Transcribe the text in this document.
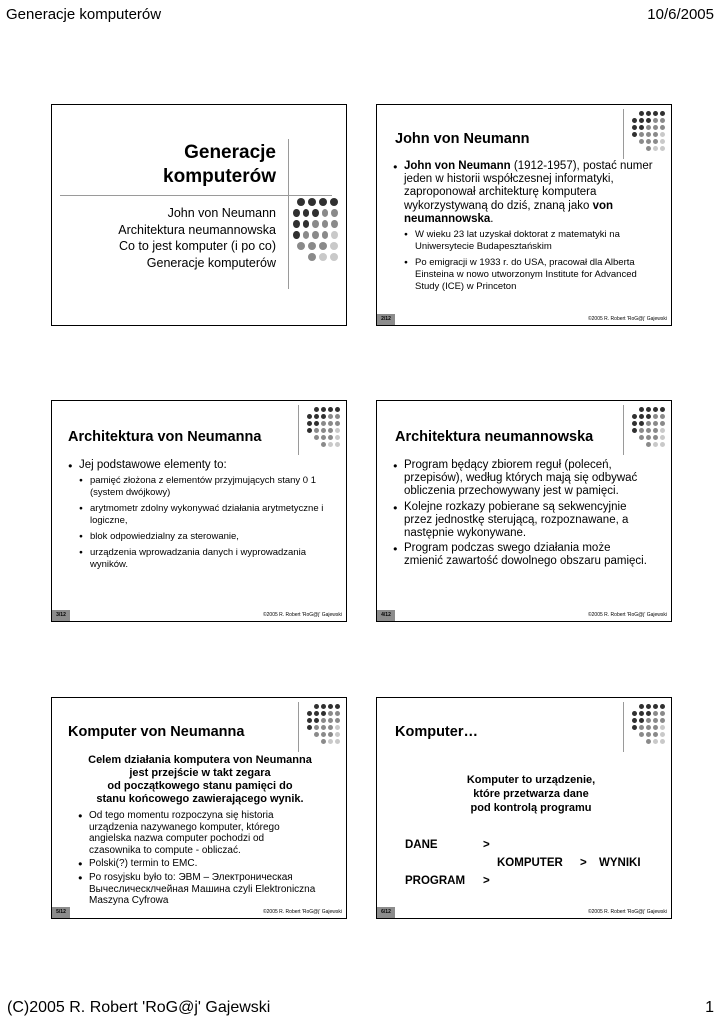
Generacje komputerów	10/6/2005
Generacje
komputerów
John von Neumann
Architektura neumannowska
Co to jest komputer (i po co)
Generacje komputerów
John von Neumann
● John von Neumann (1912-1957), postać numer jeden w historii współczesnej informatyki, zaproponował architekturę komputera wykorzystywaną do dziś, znaną jako von neumannowska.
● W wieku 23 lat uzyskał doktorat z matematyki na Uniwersytecie Budapesztańskim
● Po emigracji w 1933 r. do USA, pracował dla Alberta Einsteina w nowo utworzonym Institute for Advanced Study (ICE) w Princeton
2/12	©2005 R. Robert 'RoG@j' Gajewski
Architektura von Neumanna
● Jej podstawowe elementy to:
● pamięć złożona z elementów przyjmujących stany 0 1 (system dwójkowy)
● arytmometr zdolny wykonywać działania arytmetyczne i logiczne,
● blok odpowiedzialny za sterowanie,
● urządzenia wprowadzania danych i wyprowadzania wyników.
3/12	©2005 R. Robert 'RoG@j' Gajewski
Architektura neumannowska
● Program będący zbiorem reguł (poleceń, przepisów), według których mają się odbywać obliczenia przechowywany jest w pamięci.
● Kolejne rozkazy pobierane są sekwencyjnie przez jednostkę sterującą, rozpoznawane, a następnie wykonywane.
● Program podczas swego działania może zmienić zawartość dowolnego obszaru pamięci.
4/12	©2005 R. Robert 'RoG@j' Gajewski
Komputer von Neumanna
Celem działania komputera von Neumanna
jest przejście w takt zegara
od początkowego stanu pamięci do
stanu końcowego zawierającego wynik.
● Od tego momentu rozpoczyna się historia urządzenia nazywanego komputer, którego angielska nazwa computer pochodzi od czasownika to compute - obliczać.
● Polski(?) termin to EMC.
● Po rosyjsku było to: ЭВМ – Электроническая Вычеслическлчейная Машина czyli Elektroniczna Maszyna Cyfrowa
5/12	©2005 R. Robert 'RoG@j' Gajewski
Komputer…
Komputer to urządzenie,
które przetwarza dane
pod kontrolą programu
DANE	>
KOMPUTER > WYNIKI
PROGRAM >
6/12	©2005 R. Robert 'RoG@j' Gajewski
(C)2005 R. Robert 'RoG@j' Gajewski	1
